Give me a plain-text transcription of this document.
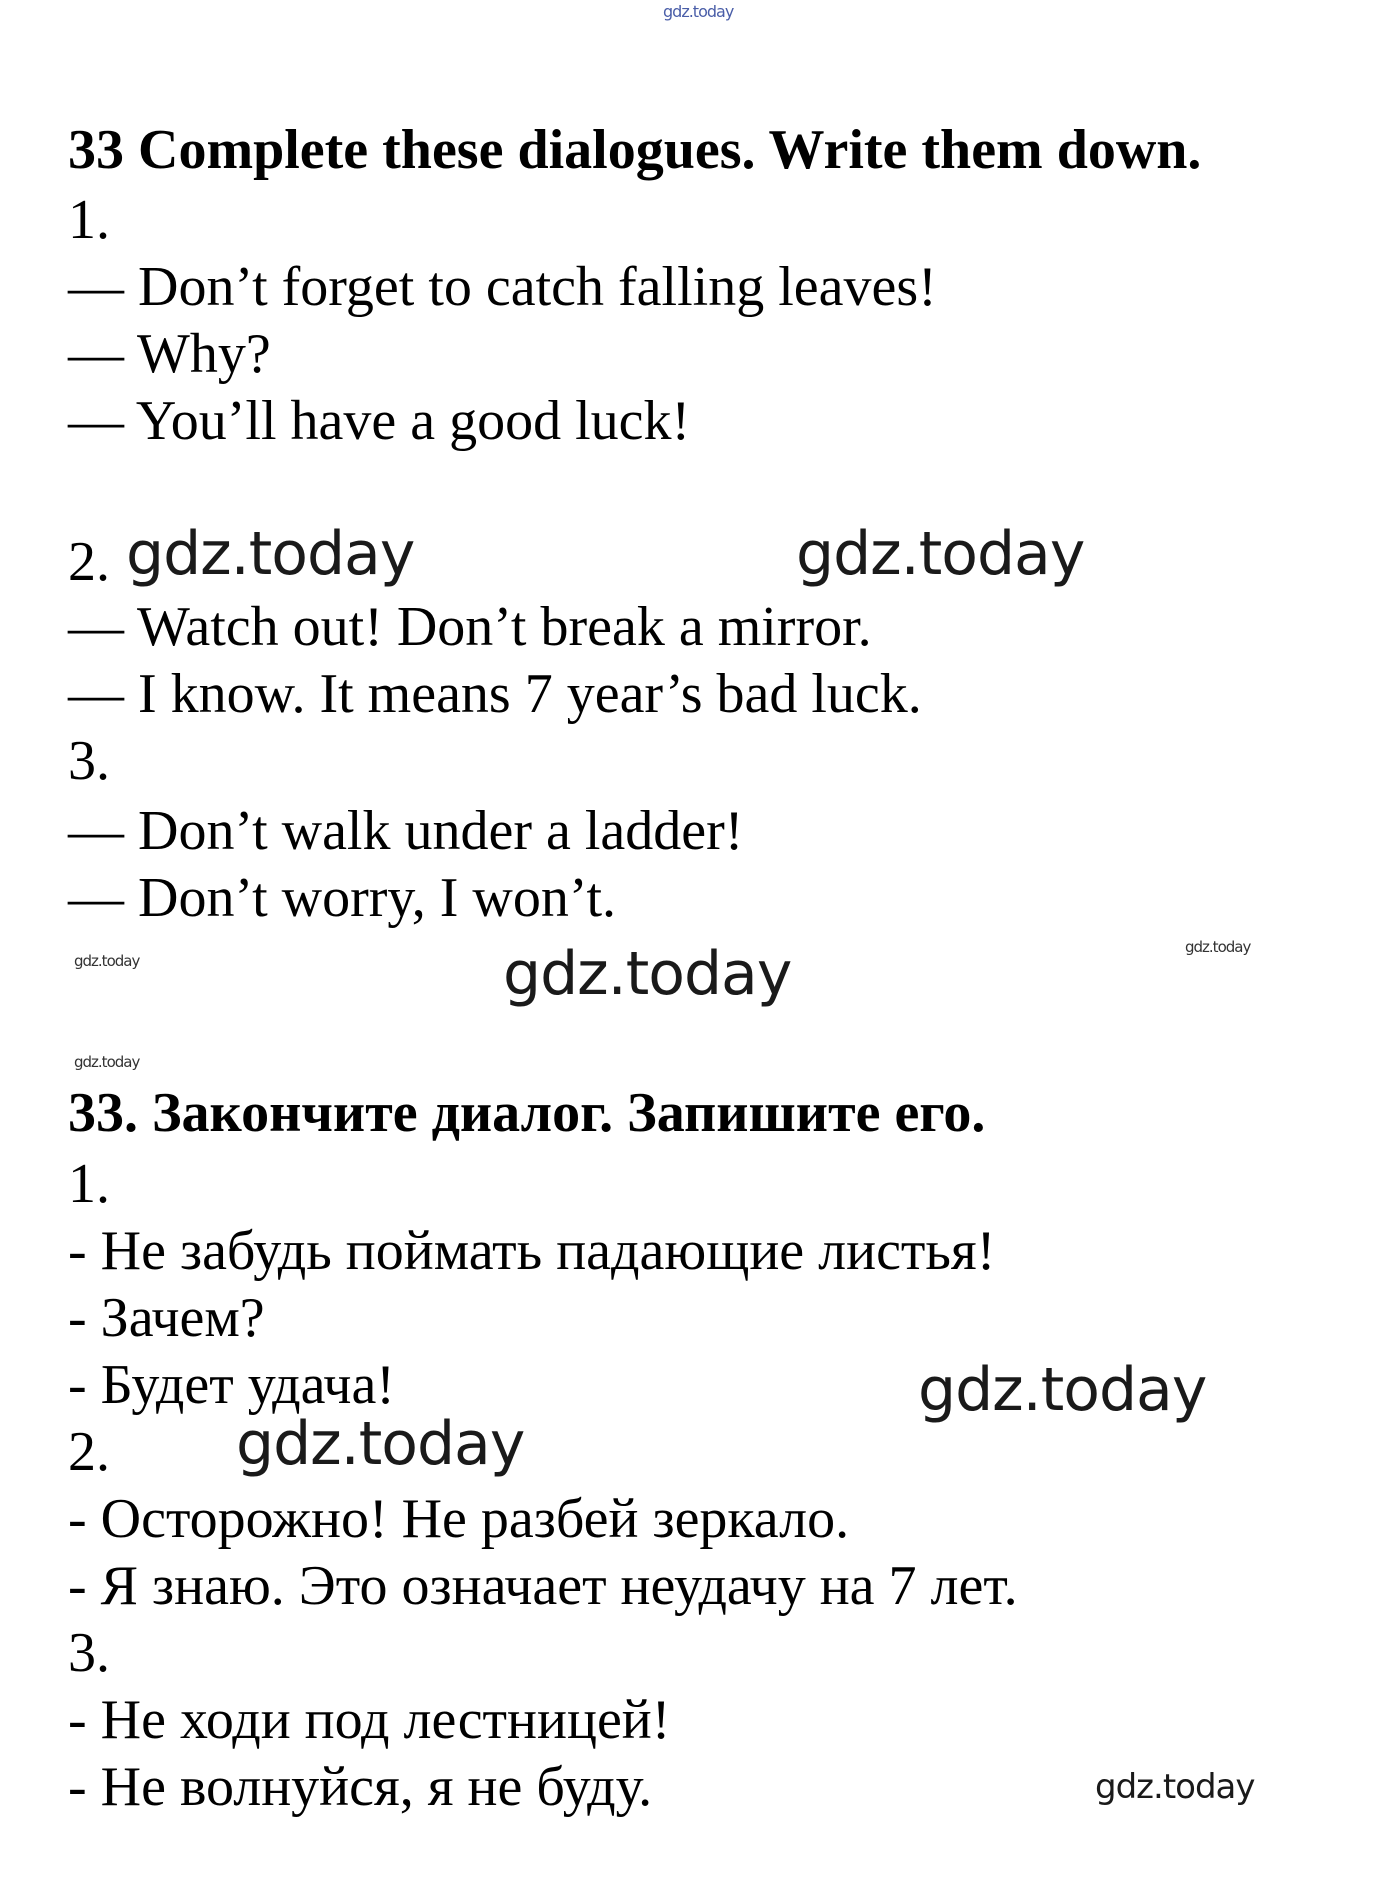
gdz.today
33 Complete these dialogues. Write them down.
1.
— Don’t forget to catch falling leaves!
— Why?
— You’ll have a good luck!
2. gdz.today	gdz.today
— Watch out! Don’t break a mirror.
— I know. It means 7 year’s bad luck.
3.
— Don’t walk under a ladder!
— Don’t worry, I won’t.
gdz.today
gdz.today
gdz.today
gdz.today
33. Закончите диалог. Запишите его.
1.
- Не забудь поймать падающие листья!
- Зачем?
- Будет удача!	gdz.today
2. gdz.today
- Осторожно! Не разбей зеркало.
- Я знаю. Это означает неудачу на 7 лет.
3.
- Не ходи под лестницей!
- Не волнуйся, я не буду.	gdz.today
